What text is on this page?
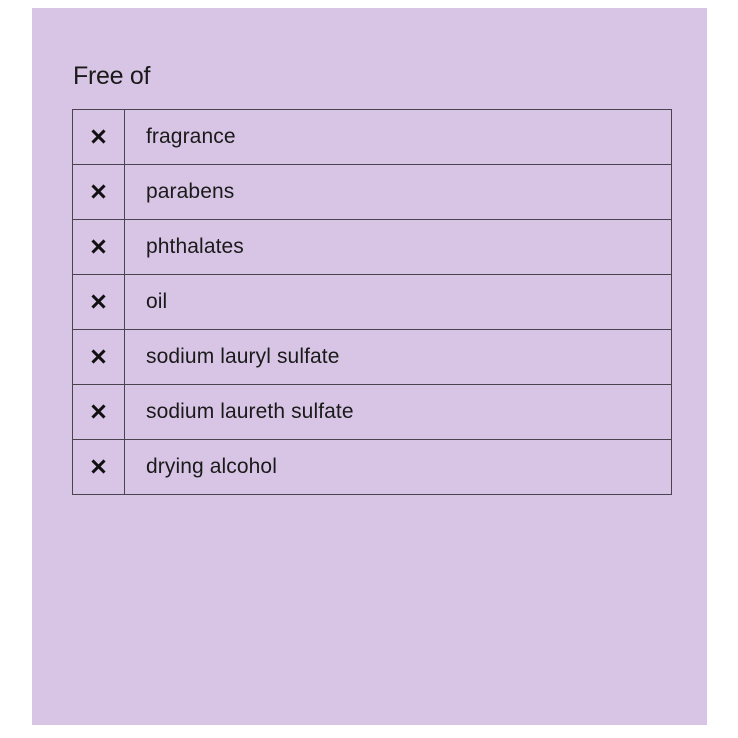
Free of
	fragrance
	parabens
	phthalates
	oil
	sodium lauryl sulfate
	sodium laureth sulfate
	drying alcohol
